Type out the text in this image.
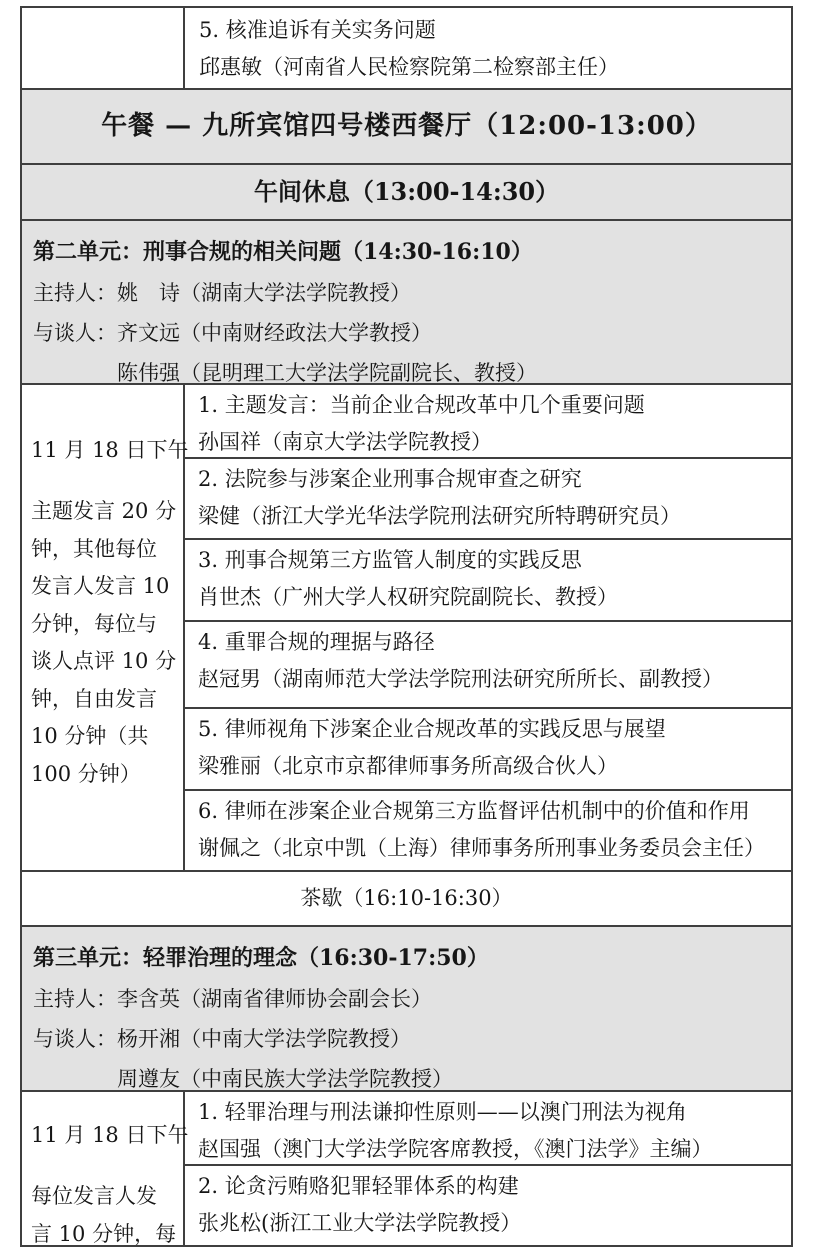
5. 核准追诉有关实务问题
邱惠敏（河南省人民检察院第二检察部主任）
午餐 — 九所宾馆四号楼西餐厅（12:00-13:00）
午间休息（13:00-14:30）
第二单元：刑事合规的相关问题（14:30-16:10）
主持人：姚　诗（湖南大学法学院教授）
与谈人：齐文远（中南财经政法大学教授）
陈伟强（昆明理工大学法学院副院长、教授）
11 月 18 日下午
主题发言 20 分钟，其他每位发言人发言 10 分钟，每位与谈人点评 10 分钟，自由发言 10 分钟（共 100 分钟）
1. 主题发言：当前企业合规改革中几个重要问题
孙国祥（南京大学法学院教授）
2. 法院参与涉案企业刑事合规审查之研究
梁健（浙江大学光华法学院刑法研究所特聘研究员）
3. 刑事合规第三方监管人制度的实践反思
肖世杰（广州大学人权研究院副院长、教授）
4. 重罪合规的理据与路径
赵冠男（湖南师范大学法学院刑法研究所所长、副教授）
5. 律师视角下涉案企业合规改革的实践反思与展望
梁雅丽（北京市京都律师事务所高级合伙人）
6. 律师在涉案企业合规第三方监督评估机制中的价值和作用
谢佩之（北京中凯（上海）律师事务所刑事业务委员会主任）
茶歇（16:10-16:30）
第三单元：轻罪治理的理念（16:30-17:50）
主持人：李含英（湖南省律师协会副会长）
与谈人：杨开湘（中南大学法学院教授）
周遵友（中南民族大学法学院教授）
11 月 18 日下午
每位发言人发言 10 分钟，每
1. 轻罪治理与刑法谦抑性原则——以澳门刑法为视角
赵国强（澳门大学法学院客席教授，《澳门法学》主编）
2. 论贪污贿赂犯罪轻罪体系的构建
张兆松(浙江工业大学法学院教授）
